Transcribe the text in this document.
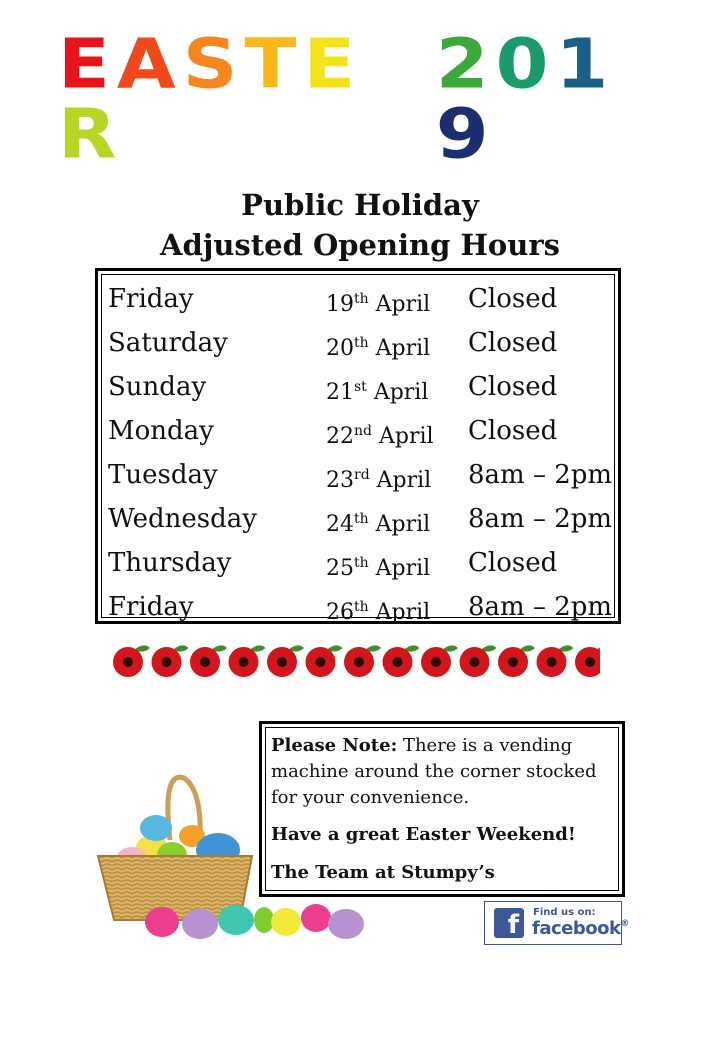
EASTER
2019
Public Holiday
Adjusted Opening Hours
Friday	19th April Closed
Saturday	20th April Closed
Sunday	21st April Closed
Monday	22nd April Closed
Tuesday	23rd April 8am – 2pm
Wednesday	24th April 8am – 2pm
Thursday	25th April Closed
Friday	26th April 8am – 2pm
Please Note: There is a vending machine around the corner stocked for your convenience.
Have a great Easter Weekend!
The Team at Stumpy’s
f	Find us on:
facebook®
